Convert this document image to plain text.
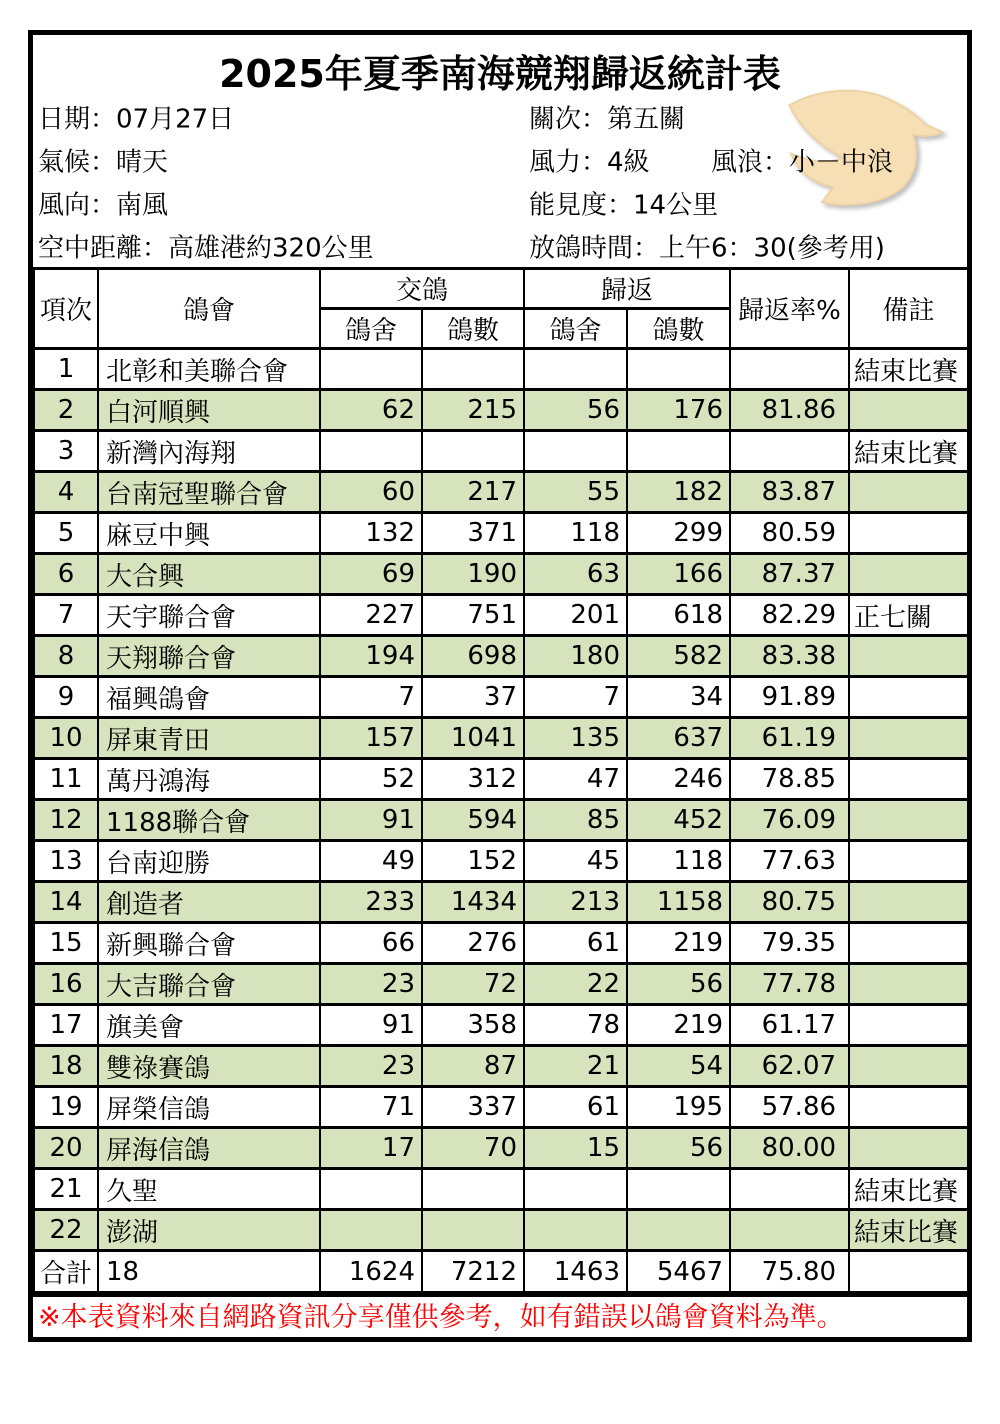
2025年夏季南海競翔歸返統計表
日期：07月27日	關次：第五關
氣候：晴天	風力：4級 風浪：小－中浪
風向：南風	能見度：14公里
空中距離：高雄港約320公里	放鴿時間：上午6：30(參考用)
項次	鴿會	交鴿		歸返		歸返率%	備註
		鴿舍	鴿數	鴿舍	鴿數		
1	北彰和美聯合會						結束比賽
2	白河順興	62	215	56	176	81.86	
3	新灣內海翔						結束比賽
4	台南冠聖聯合會	60	217	55	182	83.87	
5	麻豆中興	132	371	118	299	80.59	
6	大合興	69	190	63	166	87.37	
7	天宇聯合會	227	751	201	618	82.29	正七關
8	天翔聯合會	194	698	180	582	83.38	
9	福興鴿會	7	37	7	34	91.89	
10	屏東青田	157	1041	135	637	61.19	
11	萬丹鴻海	52	312	47	246	78.85	
12	1188聯合會	91	594	85	452	76.09	
13	台南迎勝	49	152	45	118	77.63	
14	創造者	233	1434	213	1158	80.75	
15	新興聯合會	66	276	61	219	79.35	
16	大吉聯合會	23	72	22	56	77.78	
17	旗美會	91	358	78	219	61.17	
18	雙祿賽鴿	23	87	21	54	62.07	
19	屏榮信鴿	71	337	61	195	57.86	
20	屏海信鴿	17	70	15	56	80.00	
21	久聖						結束比賽
22	澎湖						結束比賽
合計	18	1624	7212	1463	5467	75.80	
※本表資料來自網路資訊分享僅供參考，如有錯誤以鴿會資料為準。
